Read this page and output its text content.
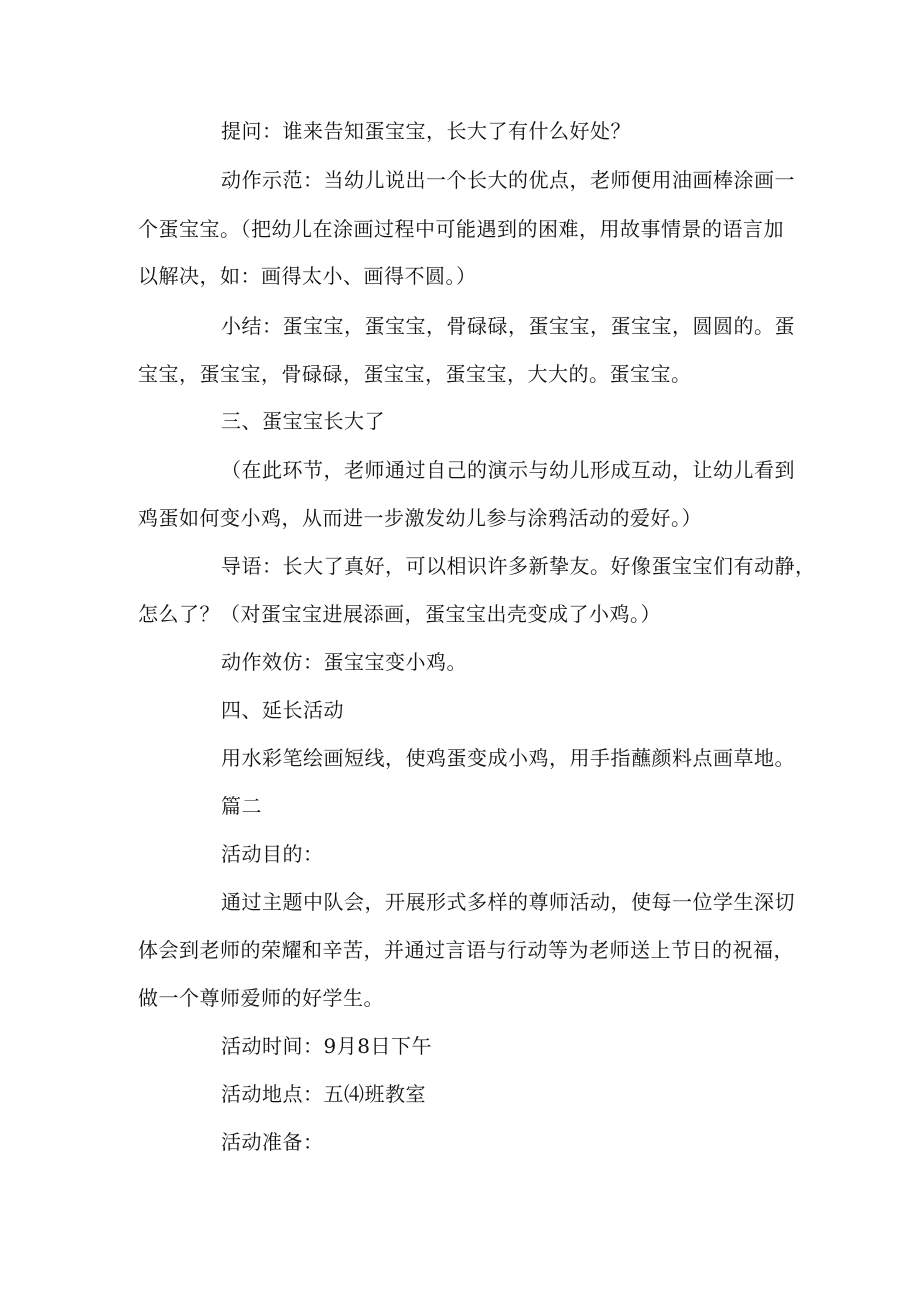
提问：谁来告知蛋宝宝，长大了有什么好处？
动作示范：当幼儿说出一个长大的优点，老师便用油画棒涂画一
个蛋宝宝。（把幼儿在涂画过程中可能遇到的困难，用故事情景的语言加
以解决，如：画得太小、画得不圆。）
小结：蛋宝宝，蛋宝宝，骨碌碌，蛋宝宝，蛋宝宝，圆圆的。蛋
宝宝，蛋宝宝，骨碌碌，蛋宝宝，蛋宝宝，大大的。蛋宝宝。
三、蛋宝宝长大了
（在此环节，老师通过自己的演示与幼儿形成互动，让幼儿看到
鸡蛋如何变小鸡，从而进一步激发幼儿参与涂鸦活动的爱好。）
导语：长大了真好，可以相识许多新挚友。好像蛋宝宝们有动静，
怎么了？（对蛋宝宝进展添画，蛋宝宝出壳变成了小鸡。）
动作效仿：蛋宝宝变小鸡。
四、延长活动
用水彩笔绘画短线，使鸡蛋变成小鸡，用手指蘸颜料点画草地。
篇二
活动目的：
通过主题中队会，开展形式多样的尊师活动，使每一位学生深切
体会到老师的荣耀和辛苦，并通过言语与行动等为老师送上节日的祝福，
做一个尊师爱师的好学生。
活动时间：9月8日下午
活动地点：五⑷班教室
活动准备：
